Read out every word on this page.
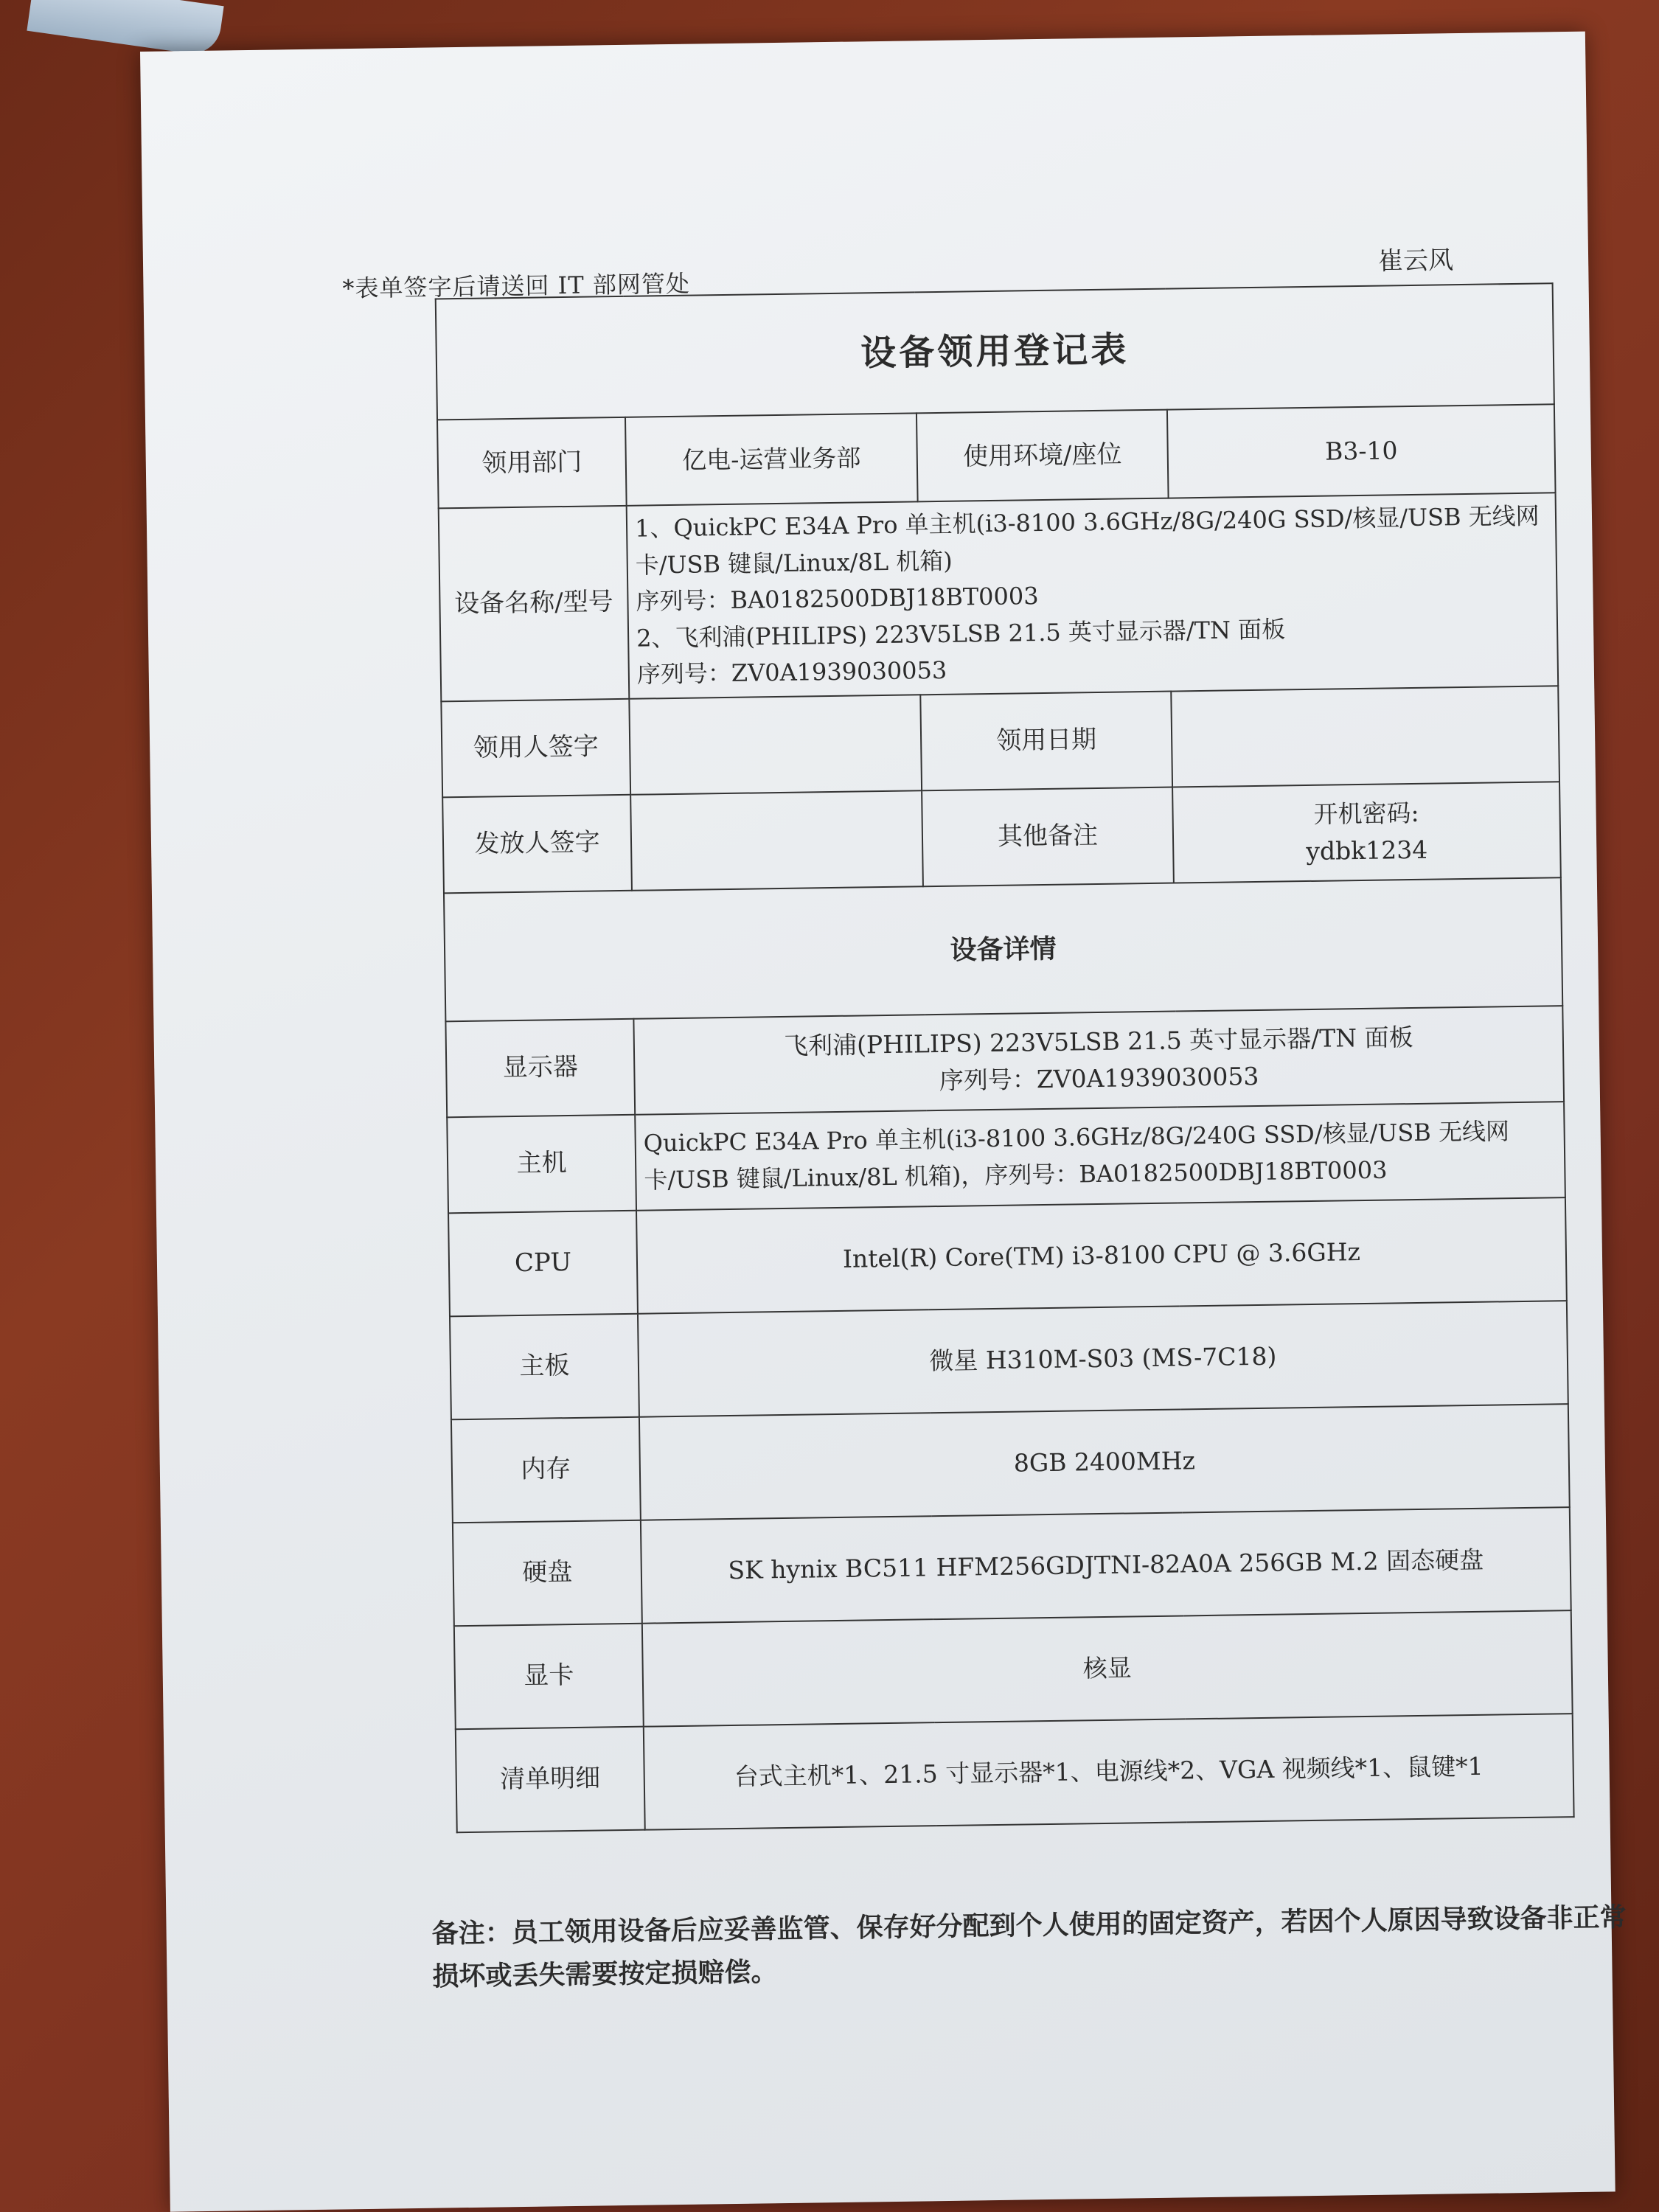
*表单签字后请送回 IT 部网管处
崔云风
设备领用登记表			
领用部门	亿电-运营业务部	使用环境/座位	B3-10
设备名称/型号	1、QuickPC E34A Pro 单主机(i3-8100 3.6GHz/8G/240G SSD/核显/USB 无线网卡/USB 键鼠/Linux/8L 机箱)
序列号：BA0182500DBJ18BT0003
2、飞利浦(PHILIPS) 223V5LSB 21.5 英寸显示器/TN 面板
序列号：ZV0A1939030053		

领用人签字		领用日期	
发放人签字		其他备注	开机密码:
ydbk1234

设备详情			
显示器	飞利浦(PHILIPS) 223V5LSB 21.5 英寸显示器/TN 面板
序列号：ZV0A1939030053		

主机	QuickPC E34A Pro 单主机(i3-8100 3.6GHz/8G/240G SSD/核显/USB 无线网卡/USB 键鼠/Linux/8L 机箱)，序列号：BA0182500DBJ18BT0003		
CPU	Intel(R) Core(TM) i3-8100 CPU @ 3.6GHz		
主板	微星 H310M-S03 (MS-7C18)		
内存	8GB 2400MHz		
硬盘	SK hynix BC511 HFM256GDJTNI-82A0A 256GB M.2 固态硬盘		
显卡	核显		
清单明细	台式主机*1、21.5 寸显示器*1、电源线*2、VGA 视频线*1、鼠键*1		
备注：员工领用设备后应妥善监管、保存好分配到个人使用的固定资产，若因个人原因导致设备非正常损坏或丢失需要按定损赔偿。
